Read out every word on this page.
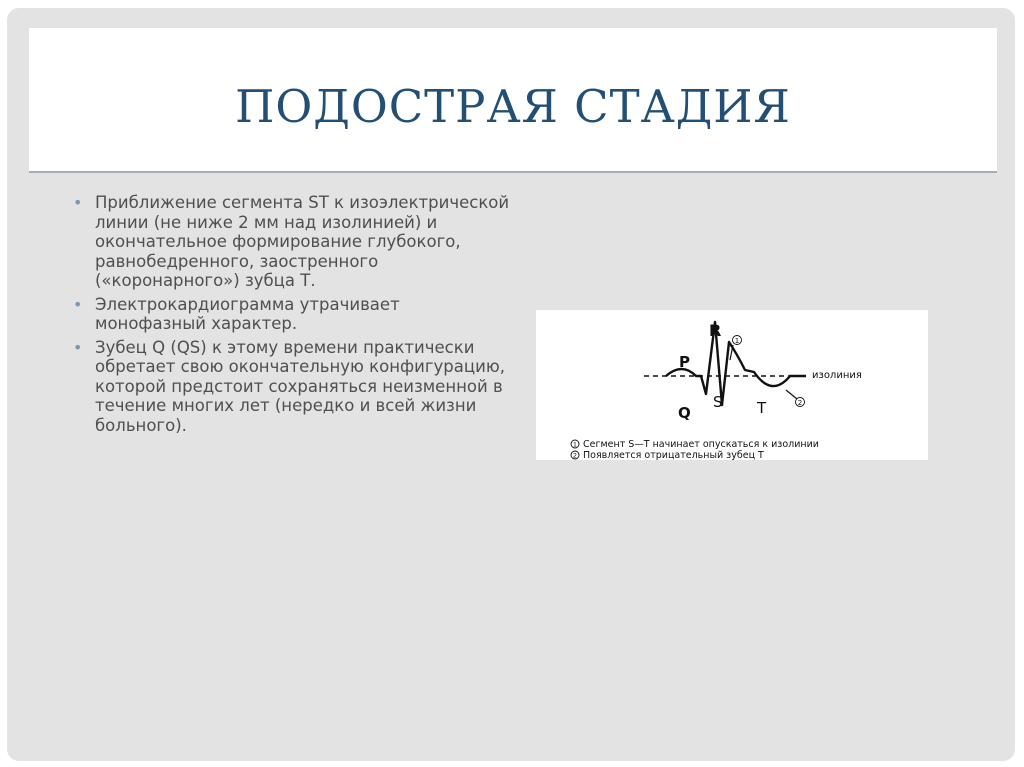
ПОДОСТРАЯ СТАДИЯ
• Приближение сегмента ST к изоэлектрической линии (не ниже 2 мм над изолинией) и окончательное формирование глубокого, равнобедренного, заостренного («коронарного») зубца Т.
• Электрокардиограмма утрачивает монофазный характер.
• Зубец Q (QS) к этому времени практически обретает свою окончательную конфигурацию, которой предстоит сохраняться неизменной в течение многих лет (нередко и всей жизни больного).
R
P
Q
S T
изолиния
1
2
1 Сегмент S—T начинает опускаться к изолинии
2 Появляется отрицательный зубец Т
